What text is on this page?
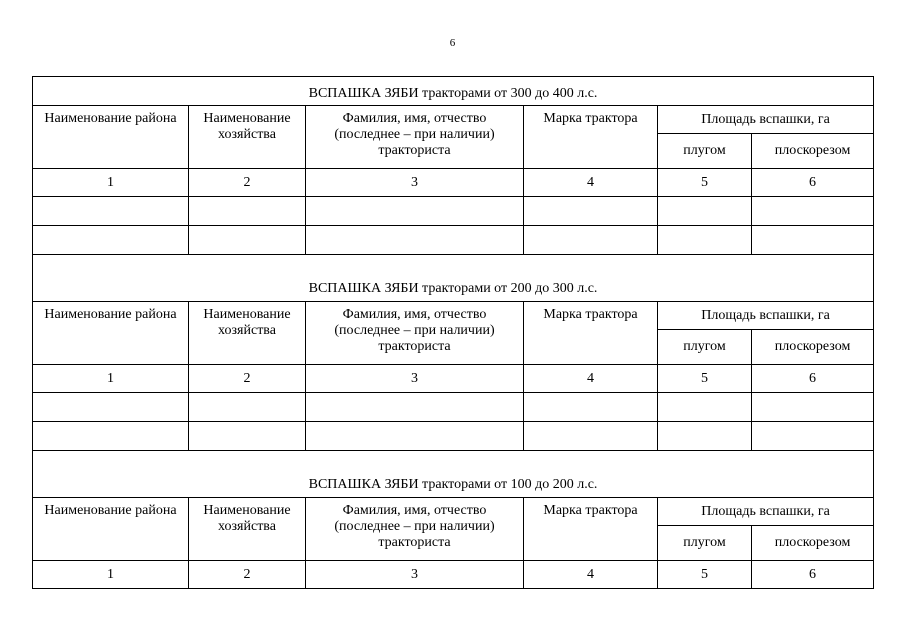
6
ВСПАШКА ЗЯБИ тракторами от 300 до 400 л.с.					
Наименование района	Наименование хозяйства	Фамилия, имя, отчество (последнее – при наличии) тракториста	Марка трактора	Площадь вспашки, га	
				плугом	плоскорезом
1	2	3	4	5	6

ВСПАШКА ЗЯБИ тракторами от 200 до 300 л.с.					
Наименование района	Наименование хозяйства	Фамилия, имя, отчество (последнее – при наличии) тракториста	Марка трактора	Площадь вспашки, га	
				плугом	плоскорезом
1	2	3	4	5	6

ВСПАШКА ЗЯБИ тракторами от 100 до 200 л.с.					
Наименование района	Наименование хозяйства	Фамилия, имя, отчество (последнее – при наличии) тракториста	Марка трактора	Площадь вспашки, га	
				плугом	плоскорезом
1	2	3	4	5	6
